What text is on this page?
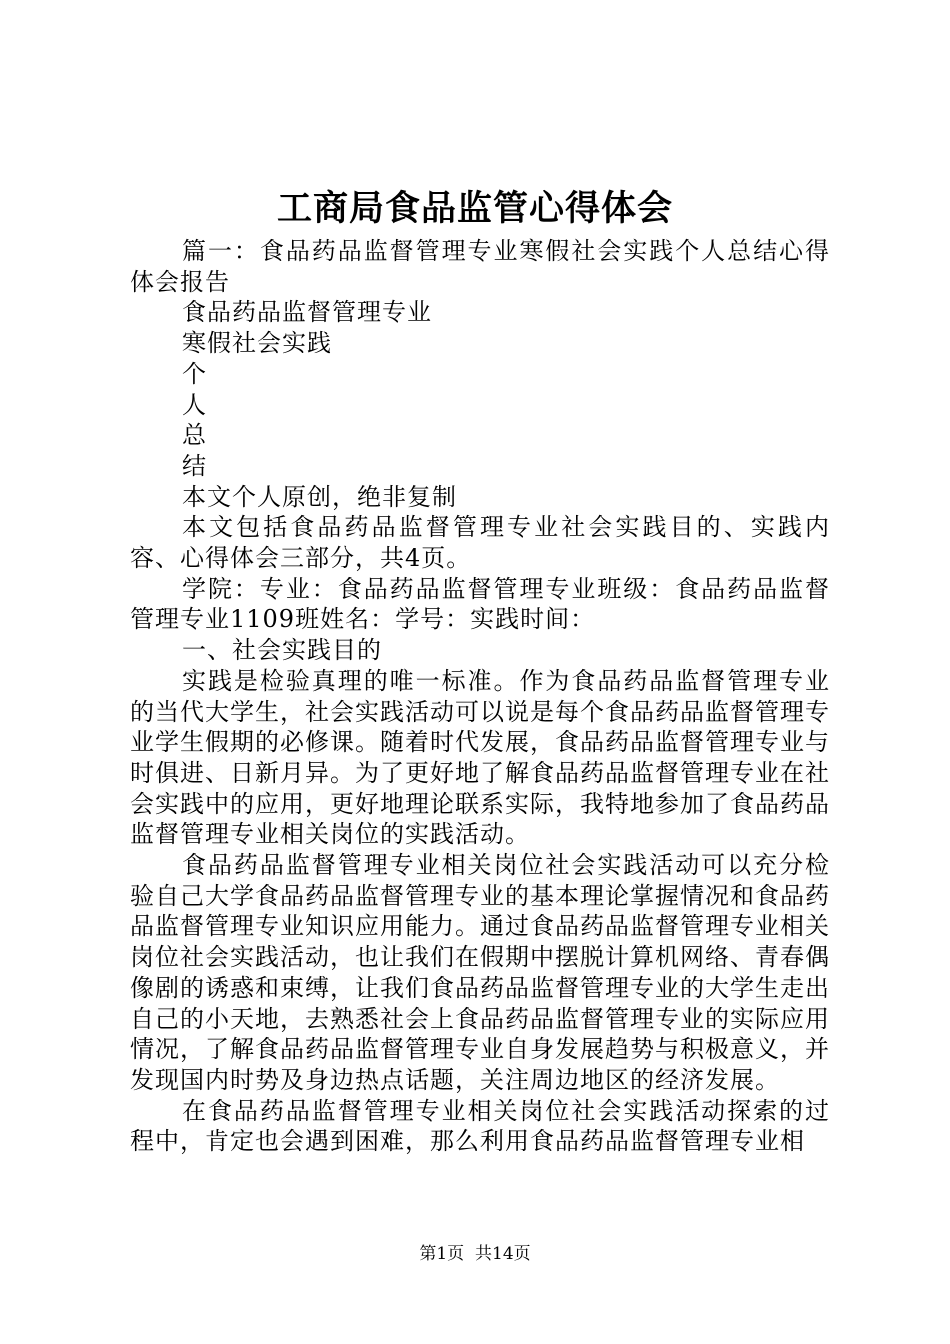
工商局食品监管心得体会

篇一：食品药品监督管理专业寒假社会实践个人总结心得体会报告

食品药品监督管理专业

寒假社会实践

个

人

总

结

本文个人原创，绝非复制

本文包括食品药品监督管理专业社会实践目的、实践内容、心得体会三部分，共4页。

学院：专业：食品药品监督管理专业班级：食品药品监督管理专业1109班姓名：学号：实践时间：

一、社会实践目的

实践是检验真理的唯一标准。作为食品药品监督管理专业的当代大学生，社会实践活动可以说是每个食品药品监督管理专业学生假期的必修课。随着时代发展，食品药品监督管理专业与时俱进、日新月异。为了更好地了解食品药品监督管理专业在社会实践中的应用，更好地理论联系实际，我特地参加了食品药品监督管理专业相关岗位的实践活动。

食品药品监督管理专业相关岗位社会实践活动可以充分检验自己大学食品药品监督管理专业的基本理论掌握情况和食品药品监督管理专业知识应用能力。通过食品药品监督管理专业相关岗位社会实践活动，也让我们在假期中摆脱计算机网络、青春偶像剧的诱惑和束缚，让我们食品药品监督管理专业的大学生走出自己的小天地，去熟悉社会上食品药品监督管理专业的实际应用情况，了解食品药品监督管理专业自身发展趋势与积极意义，并发现国内时势及身边热点话题，关注周边地区的经济发展。

在食品药品监督管理专业相关岗位社会实践活动探索的过程中，肯定也会遇到困难，那么利用食品药品监督管理专业相

第1页 共14页
